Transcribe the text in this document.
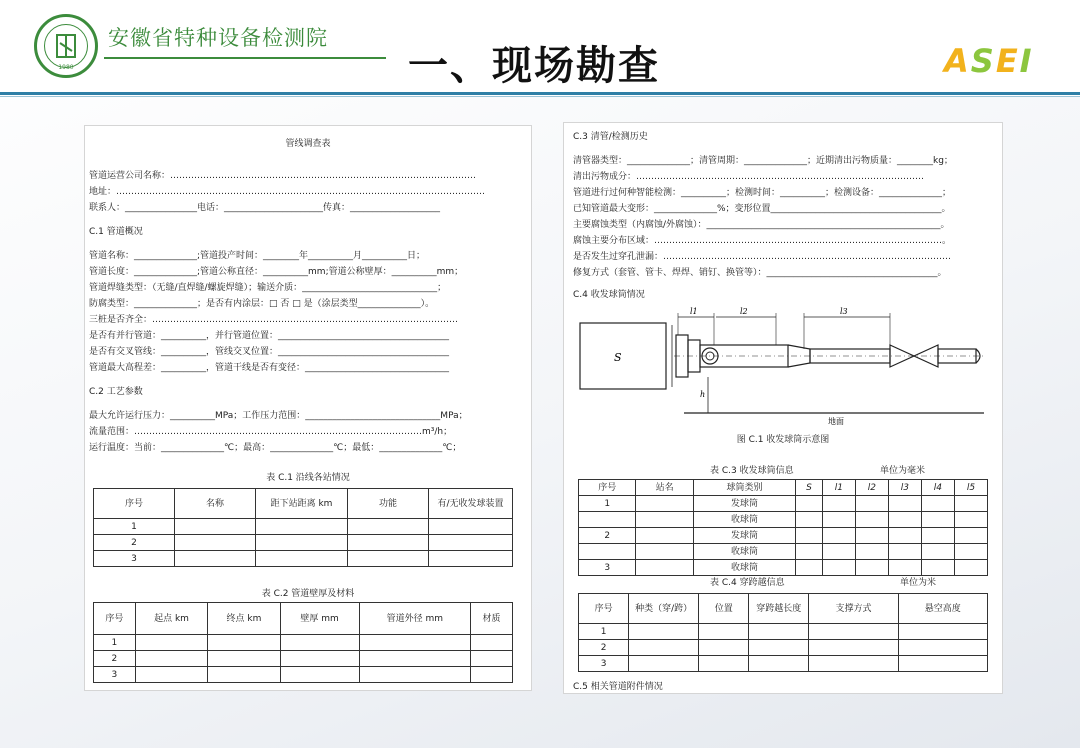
1980
安徽省特种设备检测院
一、现场勘查	ASEI
管线调查表
管道运营公司名称：…………………………………………………………………………………………
地址：……………………………………………………………………………………………………………
联系人：________________电话：______________________传真：____________________
C.1 管道概况
管道名称：______________;管道投产时间：________年__________月__________日；
管道长度：______________;管道公称直径：__________mm;管道公称壁厚：__________mm；
管道焊缝类型：（无缝/直焊缝/螺旋焊缝）；输送介质：______________________________；
防腐类型：______________；是否有内涂层：□ 否 □ 是（涂层类型______________）。
三桩是否齐全：…………………………………………………………………………………………
是否有并行管道：__________，并行管道位置：______________________________________
是否有交叉管线：__________，管线交叉位置：______________________________________
管道最大高程差：__________，管道干线是否有变径：________________________________
C.2 工艺参数
最大允许运行压力：__________MPa；工作压力范围：______________________________MPa；
流量范围：……………………………………………………………………………………m³/h；
运行温度：当前：______________℃；最高：______________℃；最低：______________℃；
表 C.1 沿线各站情况
序号	名称	距下站距离 km	功能	有/无收发球装置
1				
2				
3				
表 C.2 管道壁厚及材料
序号	起点 km	终点 km	壁厚 mm	管道外径 mm	材质
1					
2					
3					
C.3 清管/检测历史
清管器类型：______________；清管周期：______________；近期清出污物质量：________kg；
清出污物成分：……………………………………………………………………………………
管道进行过何种智能检测：__________；检测时间：__________；检测设备：______________；
已知管道最大变形：______________%；变形位置______________________________________。
主要腐蚀类型（内腐蚀/外腐蚀）：____________________________________________________。
腐蚀主要分布区域：……………………………………………………………………………………。
是否发生过穿孔泄漏：……………………………………………………………………………………
修复方式（套管、管卡、焊焊、销钉、换管等）：______________________________________。
C.4 收发球筒情况
S
l1	l2	l3
h
地面
图 C.1 收发球筒示意图
表 C.3 收发球筒信息	单位为毫米
序号	站名	球筒类别	S	l1	l2	l3	l4	l5
1		发球筒						
		收球筒						
2		发球筒						
		收球筒						
3		收球筒						
表 C.4 穿跨越信息	单位为米
序号	种类（穿/跨）	位置	穿跨越长度	支撑方式	悬空高度
1					
2					
3					
C.5 相关管道附件情况
